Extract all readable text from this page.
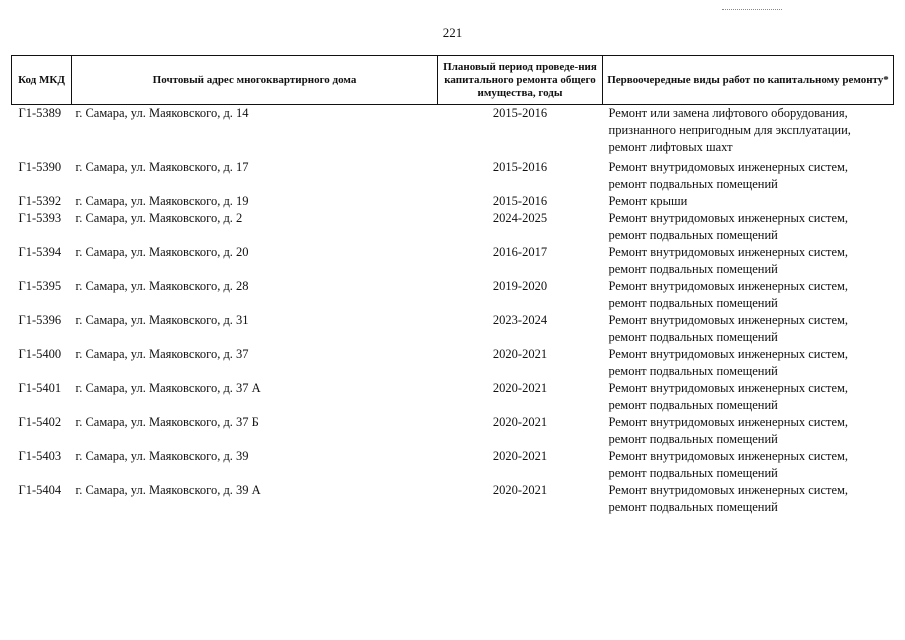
221
Код МКД	Почтовый адрес многоквартирного дома	Плановый период проведе-ния капитального ремонта общего имущества, годы	Первоочередные виды работ по капитальному ремонту*
Г1-5389	г. Самара, ул. Маяковского, д. 14	2015-2016	Ремонт или замена лифтового оборудования,
признанного непригодным для эксплуатации,
ремонт лифтовых шахт

Г1-5390	г. Самара, ул. Маяковского, д. 17	2015-2016	Ремонт внутридомовых инженерных систем,
ремонт подвальных помещений

Г1-5392	г. Самара, ул. Маяковского, д. 19	2015-2016	Ремонт крыши

Г1-5393	г. Самара, ул. Маяковского, д. 2	2024-2025	Ремонт внутридомовых инженерных систем,
ремонт подвальных помещений

Г1-5394	г. Самара, ул. Маяковского, д. 20	2016-2017	Ремонт внутридомовых инженерных систем,
ремонт подвальных помещений

Г1-5395	г. Самара, ул. Маяковского, д. 28	2019-2020	Ремонт внутридомовых инженерных систем,
ремонт подвальных помещений

Г1-5396	г. Самара, ул. Маяковского, д. 31	2023-2024	Ремонт внутридомовых инженерных систем,
ремонт подвальных помещений

Г1-5400	г. Самара, ул. Маяковского, д. 37	2020-2021	Ремонт внутридомовых инженерных систем,
ремонт подвальных помещений

Г1-5401	г. Самара, ул. Маяковского, д. 37 А	2020-2021	Ремонт внутридомовых инженерных систем,
ремонт подвальных помещений

Г1-5402	г. Самара, ул. Маяковского, д. 37 Б	2020-2021	Ремонт внутридомовых инженерных систем,
ремонт подвальных помещений

Г1-5403	г. Самара, ул. Маяковского, д. 39	2020-2021	Ремонт внутридомовых инженерных систем,
ремонт подвальных помещений

Г1-5404	г. Самара, ул. Маяковского, д. 39 А	2020-2021	Ремонт внутридомовых инженерных систем,
ремонт подвальных помещений
